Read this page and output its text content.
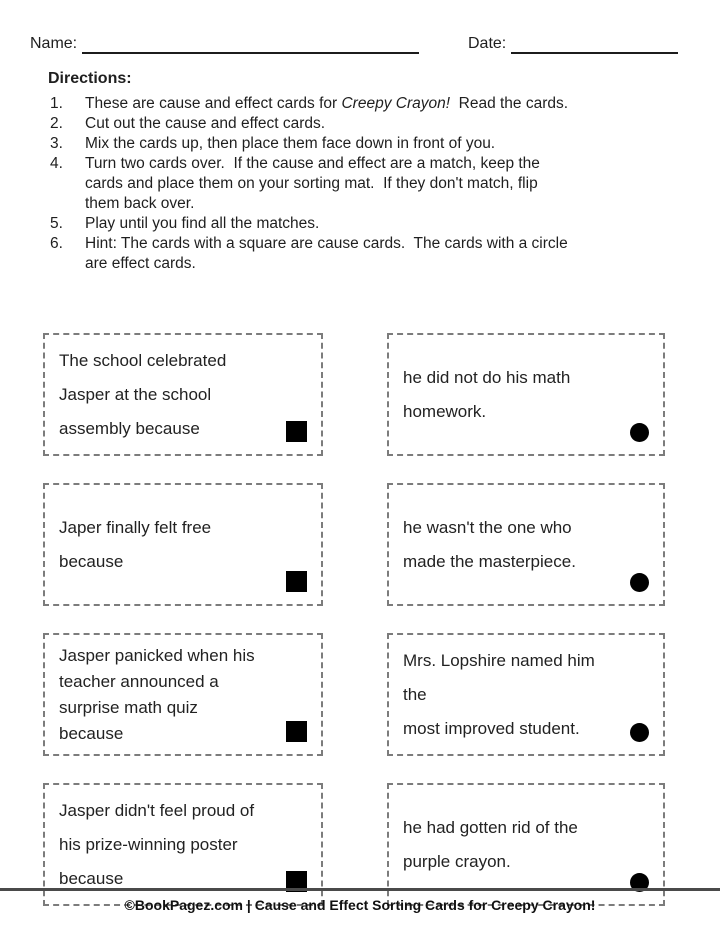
Name:	Date:
Directions:
1.	These are cause and effect cards for Creepy Crayon!  Read the cards.
2.	Cut out the cause and effect cards.
3.	Mix the cards up, then place them face down in front of you.
4.	Turn two cards over.  If the cause and effect are a match, keep the
cards and place them on your sorting mat.  If they don't match, flip
them back over.
5.	Play until you find all the matches.
6.	Hint: The cards with a square are cause cards.  The cards with a circle
are effect cards.
The school celebrated
Jasper at the school
assembly because
he did not do his math
homework.
Japer finally felt free
because
he wasn't the one who
made the masterpiece.
Jasper panicked when his
teacher announced a
surprise math quiz
because
Mrs. Lopshire named him the
most improved student.
Jasper didn't feel proud of
his prize-winning poster
because
he had gotten rid of the
purple crayon.
©BookPagez.com | Cause and Effect Sorting Cards for Creepy Crayon!
